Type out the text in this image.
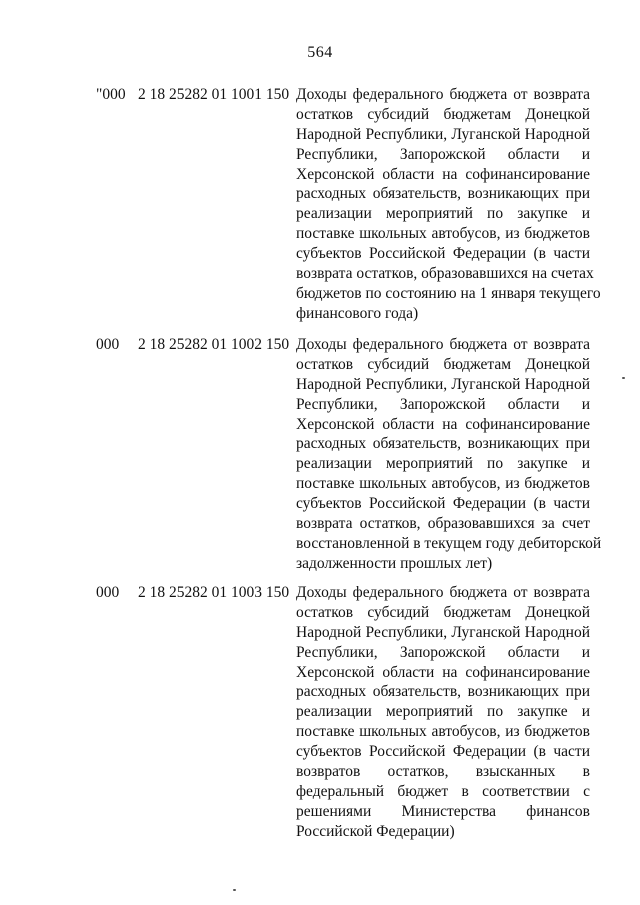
564
"000 2 18 25282 01 1001 150 Доходы федерального бюджета от возврата
остатков субсидий бюджетам Донецкой
Народной Республики, Луганской Народной
Республики, Запорожской области и
Херсонской области на софинансирование
расходных обязательств, возникающих при
реализации мероприятий по закупке и
поставке школьных автобусов, из бюджетов
субъектов Российской Федерации (в части
возврата остатков, образовавшихся на счетах
бюджетов по состоянию на 1 января текущего
финансового года)
000 2 18 25282 01 1002 150 Доходы федерального бюджета от возврата
остатков субсидий бюджетам Донецкой
Народной Республики, Луганской Народной
Республики, Запорожской области и
Херсонской области на софинансирование
расходных обязательств, возникающих при
реализации мероприятий по закупке и
поставке школьных автобусов, из бюджетов
субъектов Российской Федерации (в части
возврата остатков, образовавшихся за счет
восстановленной в текущем году дебиторской
задолженности прошлых лет)
000 2 18 25282 01 1003 150 Доходы федерального бюджета от возврата
остатков субсидий бюджетам Донецкой
Народной Республики, Луганской Народной
Республики, Запорожской области и
Херсонской области на софинансирование
расходных обязательств, возникающих при
реализации мероприятий по закупке и
поставке школьных автобусов, из бюджетов
субъектов Российской Федерации (в части
возвратов остатков, взысканных в
федеральный бюджет в соответствии с
решениями Министерства финансов
Российской Федерации)
